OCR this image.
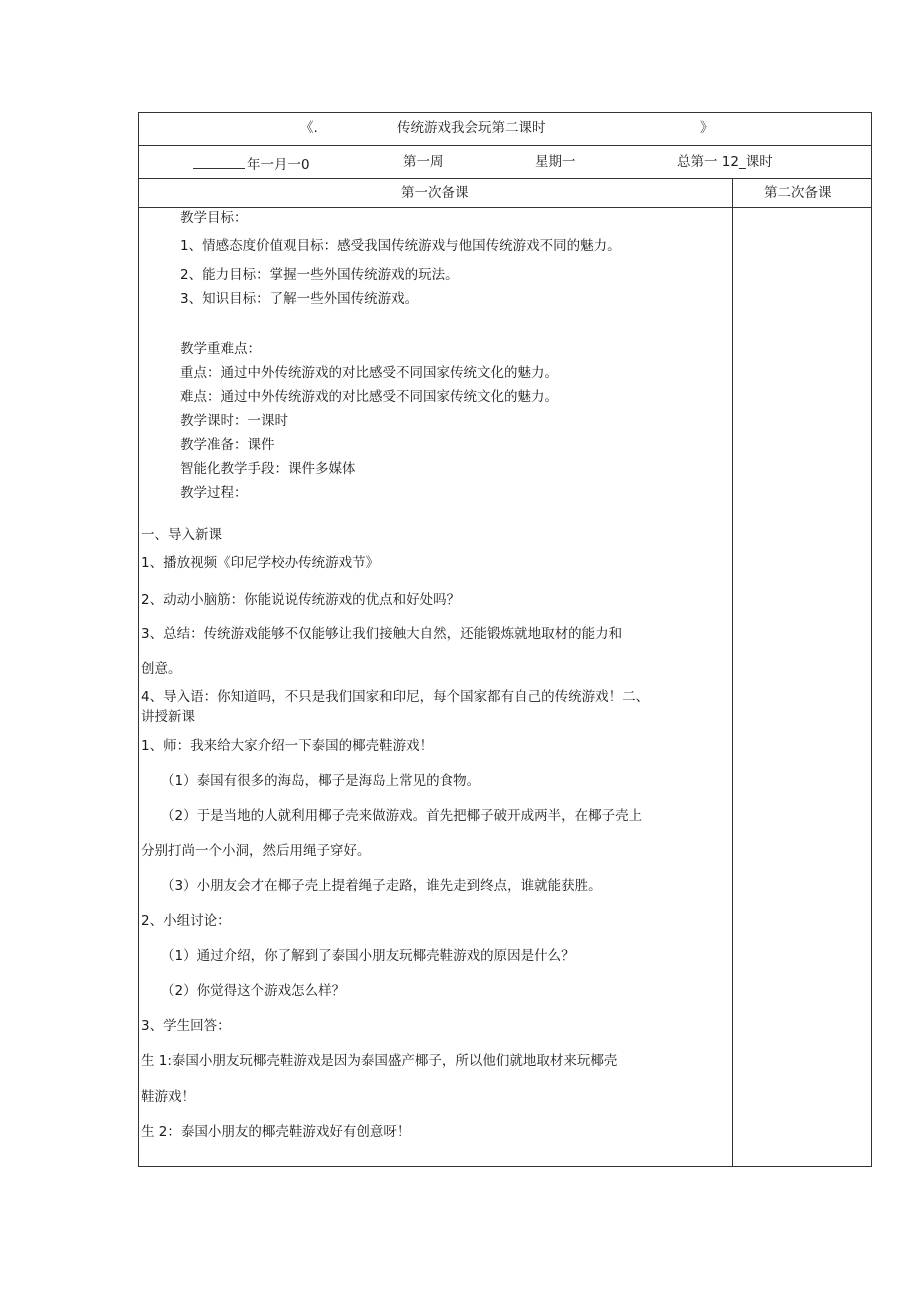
《.	传统游戏我会玩第二课时	》
年一月一0	第一周	星期一	总第一 12_课时
第一次备课	第二次备课
教学目标：
1、情感态度价值观目标：感受我国传统游戏与他国传统游戏不同的魅力。
2、能力目标：掌握一些外国传统游戏的玩法。
3、知识目标：了解一些外国传统游戏。
教学重难点：
重点：通过中外传统游戏的对比感受不同国家传统文化的魅力。
难点：通过中外传统游戏的对比感受不同国家传统文化的魅力。
教学课时：一课时
教学准备：课件
智能化教学手段：课件多媒体
教学过程：
一、导入新课
1、播放视频《印尼学校办传统游戏节》
2、动动小脑筋：你能说说传统游戏的优点和好处吗？
3、总结：传统游戏能够不仅能够让我们接触大自然，还能锻炼就地取材的能力和
创意。
4、导入语：你知道吗，不只是我们国家和印尼，每个国家都有自己的传统游戏！二、
讲授新课
1、师：我来给大家介绍一下泰国的椰壳鞋游戏！
（1）泰国有很多的海岛，椰子是海岛上常见的食物。
（2）于是当地的人就利用椰子壳来做游戏。首先把椰子破开成两半，在椰子壳上
分别打尚一个小洞，然后用绳子穿好。
（3）小朋友会才在椰子壳上提着绳子走路，谁先走到终点，谁就能获胜。
2、小组讨论：
（1）通过介绍，你了解到了泰国小朋友玩椰壳鞋游戏的原因是什么？
（2）你觉得这个游戏怎么样？
3、学生回答：
生 1:泰国小朋友玩椰壳鞋游戏是因为泰国盛产椰子，所以他们就地取材来玩椰壳
鞋游戏！
生 2：泰国小朋友的椰壳鞋游戏好有创意呀！
